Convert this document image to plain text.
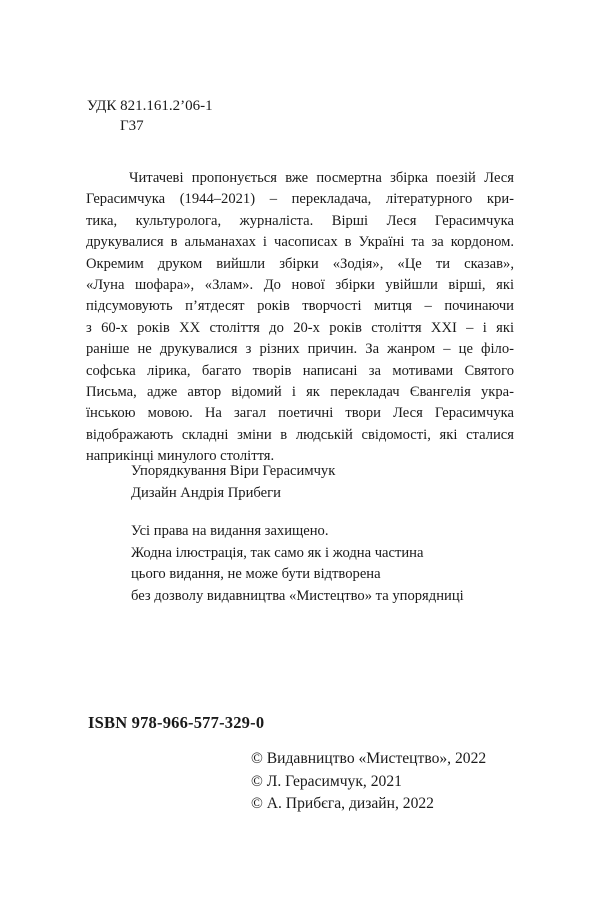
УДК 821.161.2’06-1
Г37
Читачеві пропонується вже посмертна збірка поезій Леся
Герасимчука (1944–2021) – перекладача, літературного кри-
тика, культуролога, журналіста. Вірші Леся Герасимчука
друкувалися в альманахах і часописах в Україні та за кордоном.
Окремим друком вийшли збірки «Зодія», «Це ти сказав»,
«Луна шофара», «Злам». До нової збірки увійшли вірші, які
підсумовують п’ятдесят років творчості митця – починаючи
з 60-х років ХХ століття до 20-х років століття ХХІ – і які
раніше не друкувалися з різних причин. За жанром – це філо-
софська лірика, багато творів написані за мотивами Святого
Письма, адже автор відомий і як перекладач Євангелія укра-
їнською мовою. На загал поетичні твори Леся Герасимчука
відображають складні зміни в людській свідомості, які сталися
наприкінці минулого століття.
Упорядкування Віри Герасимчук
Дизайн Андрія Прибеги
Усі права на видання захищено.
Жодна ілюстрація, так само як і жодна частина
цього видання, не може бути відтворена
без дозволу видавництва «Мистецтво» та упорядниці
ISBN 978-966-577-329-0
© Видавництво «Мистецтво», 2022
© Л. Герасимчук, 2021
© А. Прибєга, дизайн, 2022
